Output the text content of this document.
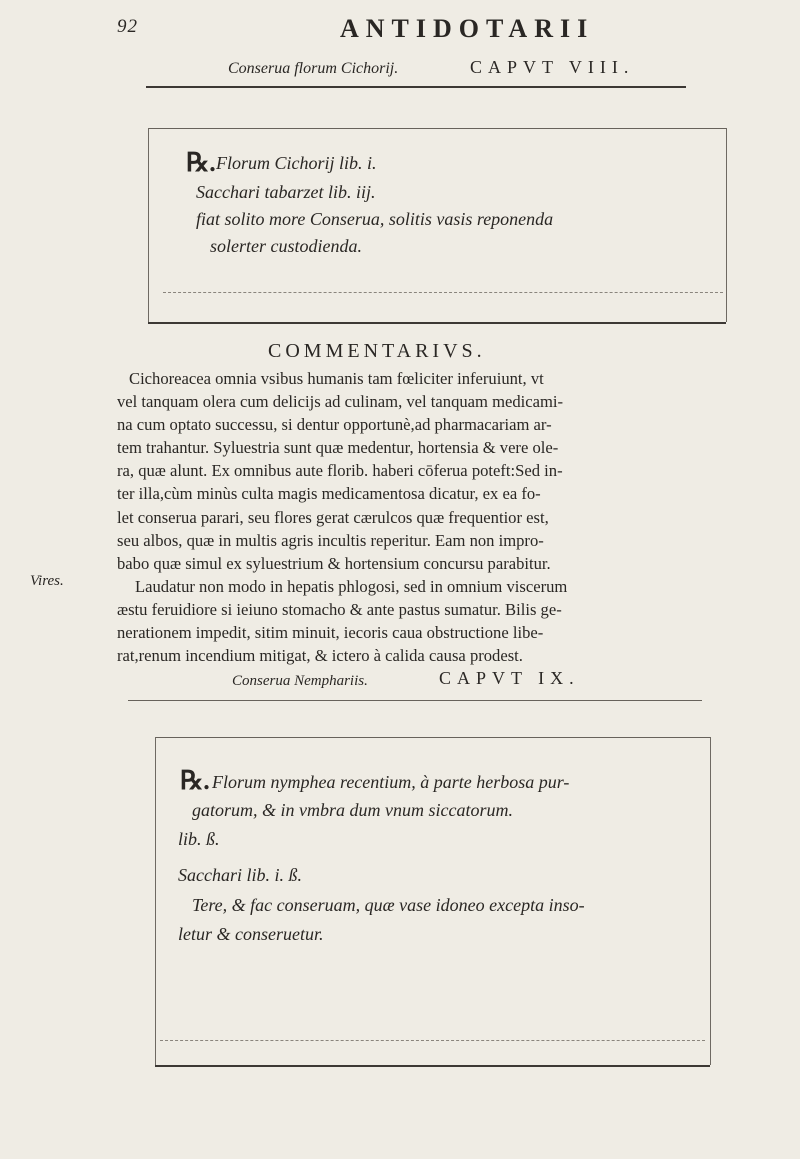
92	ANTIDOTARII
Conserua florum Cichorij.	CAPVT VIII.
℞. Florum Cichorij lib. i.
Sacchari tabarzet lib. iij.
fiat solito more Conserua, solitis vasis reponenda
solerter custodienda.
COMMENTARIVS.

Cichoreacea omnia vsibus humanis tam fœliciter inferuiunt, vt

vel tanquam olera cum delicijs ad culinam, vel tanquam medicami-

na cum optato successu, si dentur opportunè,ad pharmacariam ar-

tem trahantur. Syluestria sunt quæ medentur, hortensia & vere ole-

ra, quæ alunt. Ex omnibus aute florib. haberi cōferua poteft:Sed in-

ter illa,cùm minùs culta magis medicamentosa dicatur, ex ea fo-

let conserua parari, seu flores gerat cærulcos quæ frequentior est,

seu albos, quæ in multis agris incultis reperitur. Eam non impro-

babo quæ simul ex syluestrium & hortensium concursu parabitur.

Laudatur non modo in hepatis phlogosi, sed in omnium viscerum

æstu feruidiore si ieiuno stomacho & ante pastus sumatur. Bilis ge-

nerationem impedit, sitim minuit, iecoris caua obstructione libe-

rat,renum incendium mitigat, & ictero à calida causa prodest.

Vires.
Conserua Nemphariis.	CAPVT IX.
℞. Florum nymphea recentium, à parte herbosa pur-
gatorum, & in vmbra dum vnum siccatorum.
lib. ß.
Sacchari lib. i. ß.
Tere, & fac conseruam, quæ vase idoneo excepta inso-
letur & conseruetur.
